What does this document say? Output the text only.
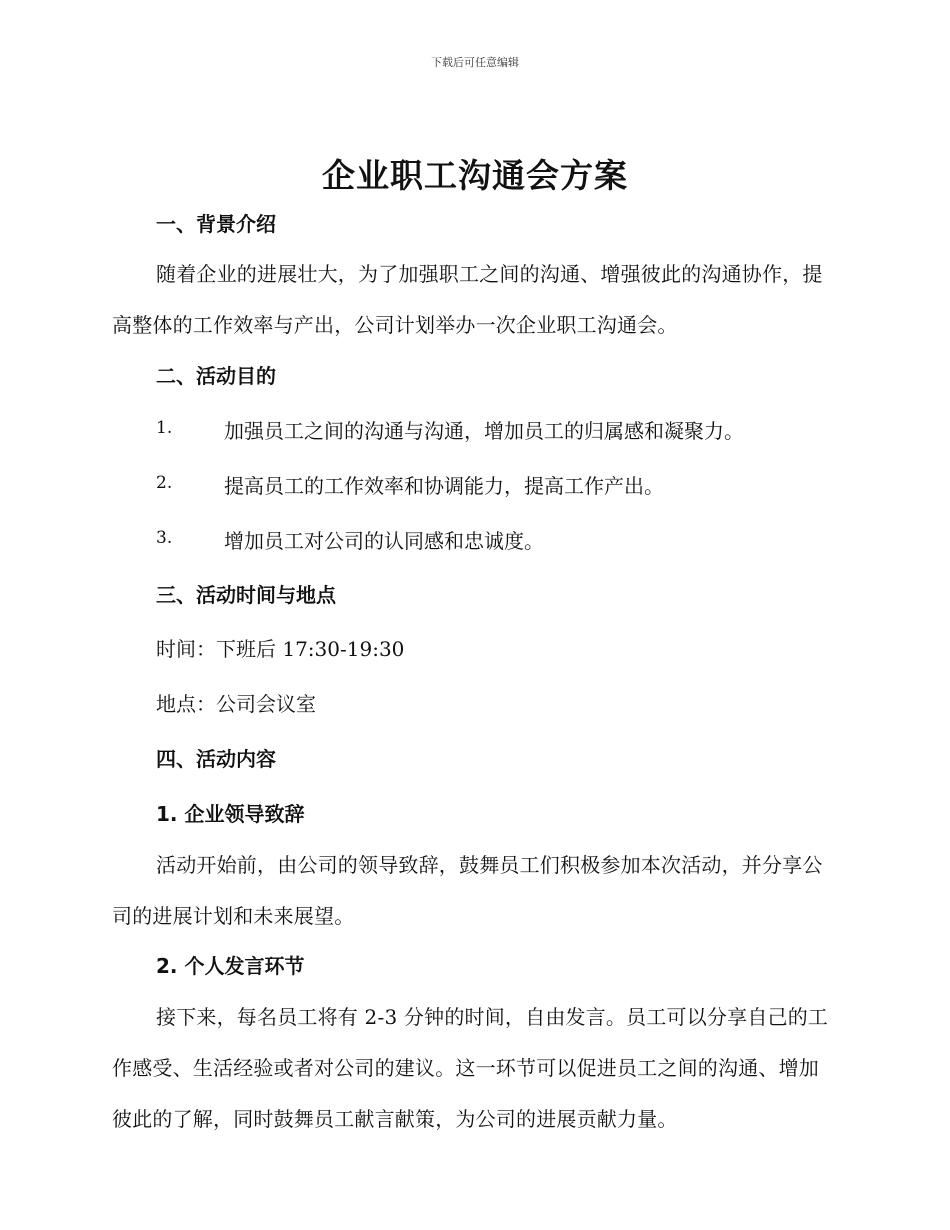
下载后可任意编辑
企业职工沟通会方案
一、背景介绍
随着企业的进展壮大，为了加强职工之间的沟通、增强彼此的沟通协作，提高整体的工作效率与产出，公司计划举办一次企业职工沟通会。
二、活动目的
1.	加强员工之间的沟通与沟通，增加员工的归属感和凝聚力。
2.	提高员工的工作效率和协调能力，提高工作产出。
3.	增加员工对公司的认同感和忠诚度。
三、活动时间与地点
时间：下班后 17:30-19:30
地点：公司会议室
四、活动内容
1. 企业领导致辞
活动开始前，由公司的领导致辞，鼓舞员工们积极参加本次活动，并分享公司的进展计划和未来展望。
2. 个人发言环节
接下来，每名员工将有 2-3 分钟的时间，自由发言。员工可以分享自己的工作感受、生活经验或者对公司的建议。这一环节可以促进员工之间的沟通、增加彼此的了解，同时鼓舞员工献言献策，为公司的进展贡献力量。
